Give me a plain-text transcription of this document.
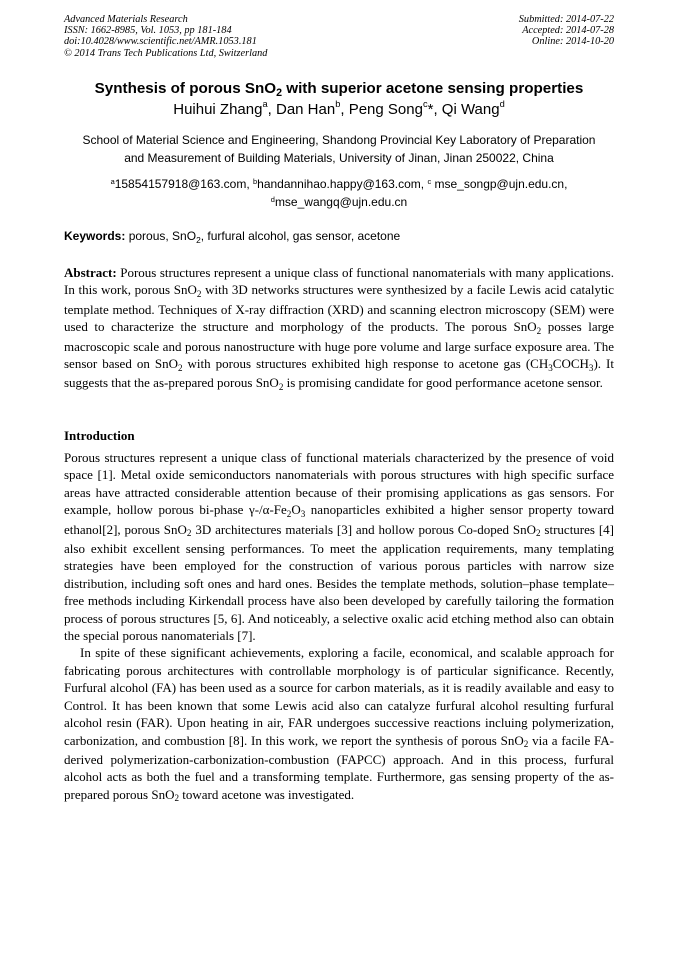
Advanced Materials Research
ISSN: 1662-8985, Vol. 1053, pp 181-184
doi:10.4028/www.scientific.net/AMR.1053.181
© 2014 Trans Tech Publications Ltd, Switzerland
Submitted: 2014-07-22
Accepted: 2014-07-28
Online: 2014-10-20
Synthesis of porous SnO$_2$ with superior acetone sensing properties
Huihui Zhang$^a$, Dan Han$^b$, Peng Song$^c$*, Qi Wang$^d$
School of Material Science and Engineering, Shandong Provincial Key Laboratory of Preparation
and Measurement of Building Materials, University of Jinan, Jinan 250022, China
$^a$15854157918@163.com, $^b$handannihao.happy@163.com, $^c$ mse_songp@ujn.edu.cn,
$^d$mse_wangq@ujn.edu.cn
Keywords: porous, SnO$_2$, furfural alcohol, gas sensor, acetone
Abstract: Porous structures represent a unique class of functional nanomaterials with many applications. In this work, porous SnO$_2$ with 3D networks structures were synthesized by a facile Lewis acid catalytic template method. Techniques of X-ray diffraction (XRD) and scanning electron microscopy (SEM) were used to characterize the structure and morphology of the products. The porous SnO$_2$ posses large macroscopic scale and porous nanostructure with huge pore volume and large surface exposure area. The sensor based on SnO$_2$ with porous structures exhibited high response to acetone gas $(CH_3COCH_3)$. It suggests that the as-prepared porous SnO$_2$ is promising candidate for good performance acetone sensor.
Introduction

Porous structures represent a unique class of functional materials characterized by the presence of void space [1]. Metal oxide semiconductors nanomaterials with porous structures with high specific surface areas have attracted considerable attention because of their promising applications as gas sensors. For example, hollow porous bi-phase $\gamma-/\alpha-Fe_2O_3$ nanoparticles exhibited a higher sensor property toward ethanol[2], porous SnO$_2$ 3D architectures materials [3] and hollow porous Co-doped SnO$_2$ structures [4] also exhibit excellent sensing performances. To meet the application requirements, many templating strategies have been employed for the construction of various porous particles with narrow size distribution, including soft ones and hard ones. Besides the template methods, solution–phase template–free methods including Kirkendall process have also been developed by carefully tailoring the formation process of porous structures [5, 6]. And noticeably, a selective oxalic acid etching method also can obtain the special porous nanomaterials [7].

In spite of these significant achievements, exploring a facile, economical, and scalable approach for fabricating porous architectures with controllable morphology is of particular significance. Recently, Furfural alcohol (FA) has been used as a source for carbon materials, as it is readily available and easy to Control. It has been known that some Lewis acid also can catalyze furfural alcohol resulting furfural alcohol resin (FAR). Upon heating in air, FAR undergoes successive reactions incluing polymerization, carbonization, and combustion [8]. In this work, we report the synthesis of porous SnO$_2$ via a facile FA-derived polymerization-carbonization-combustion (FAPCC) approach. And in this process, furfural alcohol acts as both the fuel and a transforming template. Furthermore, gas sensing property of the as-prepared porous SnO$_2$ toward acetone was investigated.
